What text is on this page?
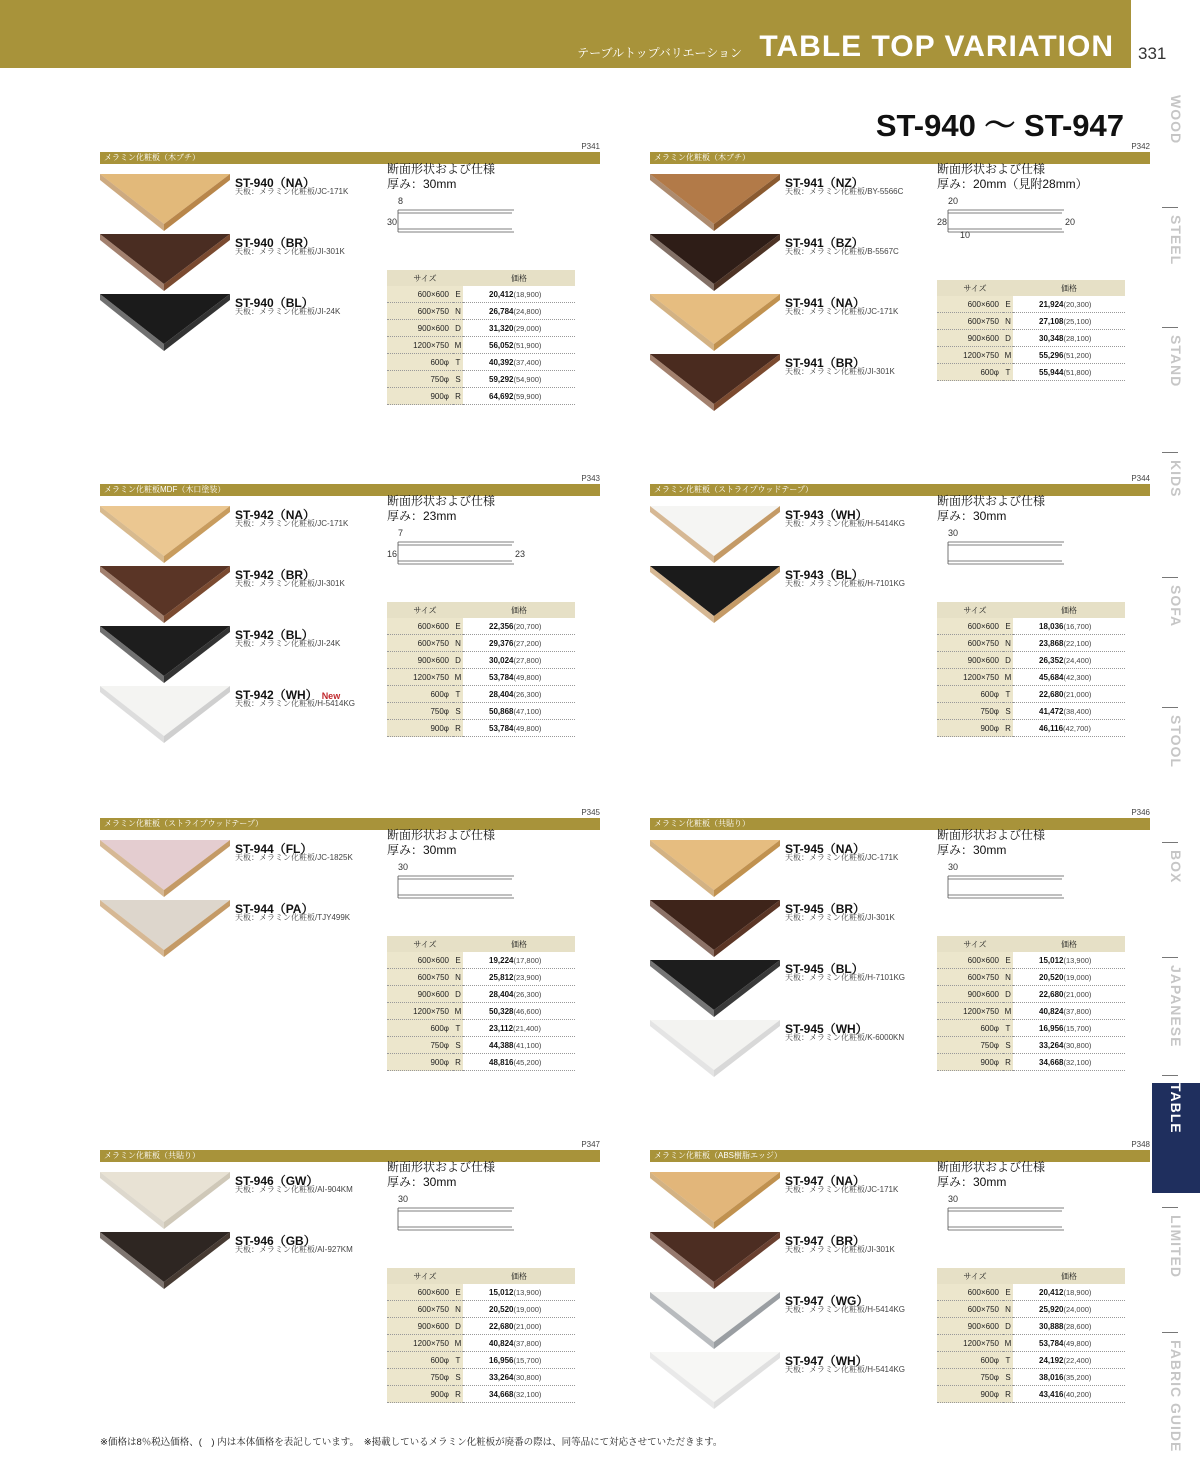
テーブルトップバリエーション TABLE TOP VARIATION 331
ST-940 ～ ST-947	WOOD
STEEL
STAND
KIDS
SOFA
STOOL
BOX
JAPANESE
TABLE
LIMITED
FABRIC GUIDE
P341
メラミン化粧板（木ブチ）
ST-940（NA）
天板：メラミン化粧板/JC-171K
ST-940（BR）
天板：メラミン化粧板/JI-301K
ST-940（BL）
天板：メラミン化粧板/JI-24K
断面形状および仕様
厚み：30mm
8
30
サイズ		価格
600×600	E	20,412(18,900)
600×750	N	26,784(24,800)
900×600	D	31,320(29,000)
1200×750	M	56,052(51,900)
600φ	T	40,392(37,400)
750φ	S	59,292(54,900)
900φ	R	64,692(59,900)
P342
メラミン化粧板（木ブチ）
ST-941（NZ）
天板：メラミン化粧板/BY-5566C
ST-941（BZ）
天板：メラミン化粧板/B-5567C
ST-941（NA）
天板：メラミン化粧板/JC-171K
ST-941（BR）
天板：メラミン化粧板/JI-301K
断面形状および仕様
厚み：20mm（見附28mm）
20
28	20
10
サイズ		価格
600×600	E	21,924(20,300)
600×750	N	27,108(25,100)
900×600	D	30,348(28,100)
1200×750	M	55,296(51,200)
600φ	T	55,944(51,800)
P343
メラミン化粧板MDF（木口塗装）
ST-942（NA）
天板：メラミン化粧板/JC-171K
ST-942（BR）
天板：メラミン化粧板/JI-301K
ST-942（BL）
天板：メラミン化粧板/JI-24K
ST-942（WH） New
天板：メラミン化粧板/H-5414KG
断面形状および仕様
厚み：23mm
7
16	23
サイズ		価格
600×600	E	22,356(20,700)
600×750	N	29,376(27,200)
900×600	D	30,024(27,800)
1200×750	M	53,784(49,800)
600φ	T	28,404(26,300)
750φ	S	50,868(47,100)
900φ	R	53,784(49,800)
P344
メラミン化粧板（ストライプウッドテープ）
ST-943（WH）
天板：メラミン化粧板/H-5414KG
ST-943（BL）
天板：メラミン化粧板/H-7101KG
断面形状および仕様
厚み：30mm
30
サイズ		価格
600×600	E	18,036(16,700)
600×750	N	23,868(22,100)
900×600	D	26,352(24,400)
1200×750	M	45,684(42,300)
600φ	T	22,680(21,000)
750φ	S	41,472(38,400)
900φ	R	46,116(42,700)
P345
メラミン化粧板（ストライプウッドテープ）
ST-944（FL）
天板：メラミン化粧板/JC-1825K
ST-944（PA）
天板：メラミン化粧板/TJY499K
断面形状および仕様
厚み：30mm
30
サイズ		価格
600×600	E	19,224(17,800)
600×750	N	25,812(23,900)
900×600	D	28,404(26,300)
1200×750	M	50,328(46,600)
600φ	T	23,112(21,400)
750φ	S	44,388(41,100)
900φ	R	48,816(45,200)
P346
メラミン化粧板（共貼り）
ST-945（NA）
天板：メラミン化粧板/JC-171K
ST-945（BR）
天板：メラミン化粧板/JI-301K
ST-945（BL）
天板：メラミン化粧板/H-7101KG
ST-945（WH）
天板：メラミン化粧板/K-6000KN
断面形状および仕様
厚み：30mm
30
サイズ		価格
600×600	E	15,012(13,900)
600×750	N	20,520(19,000)
900×600	D	22,680(21,000)
1200×750	M	40,824(37,800)
600φ	T	16,956(15,700)
750φ	S	33,264(30,800)
900φ	R	34,668(32,100)
P347
メラミン化粧板（共貼り）
ST-946（GW）
天板：メラミン化粧板/AI-904KM
ST-946（GB）
天板：メラミン化粧板/AI-927KM
断面形状および仕様
厚み：30mm
30
サイズ		価格
600×600	E	15,012(13,900)
600×750	N	20,520(19,000)
900×600	D	22,680(21,000)
1200×750	M	40,824(37,800)
600φ	T	16,956(15,700)
750φ	S	33,264(30,800)
900φ	R	34,668(32,100)
P348
メラミン化粧板（ABS樹脂エッジ）
ST-947（NA）
天板：メラミン化粧板/JC-171K
ST-947（BR）
天板：メラミン化粧板/JI-301K
ST-947（WG）
天板：メラミン化粧板/H-5414KG
ST-947（WH）
天板：メラミン化粧板/H-5414KG
断面形状および仕様
厚み：30mm
30
サイズ		価格
600×600	E	20,412(18,900)
600×750	N	25,920(24,000)
900×600	D	30,888(28,600)
1200×750	M	53,784(49,800)
600φ	T	24,192(22,400)
750φ	S	38,016(35,200)
900φ	R	43,416(40,200)
※価格は8％税込価格、(　) 内は本体価格を表記しています。　※掲載しているメラミン化粧板が廃番の際は、同等品にて対応させていただきます。
